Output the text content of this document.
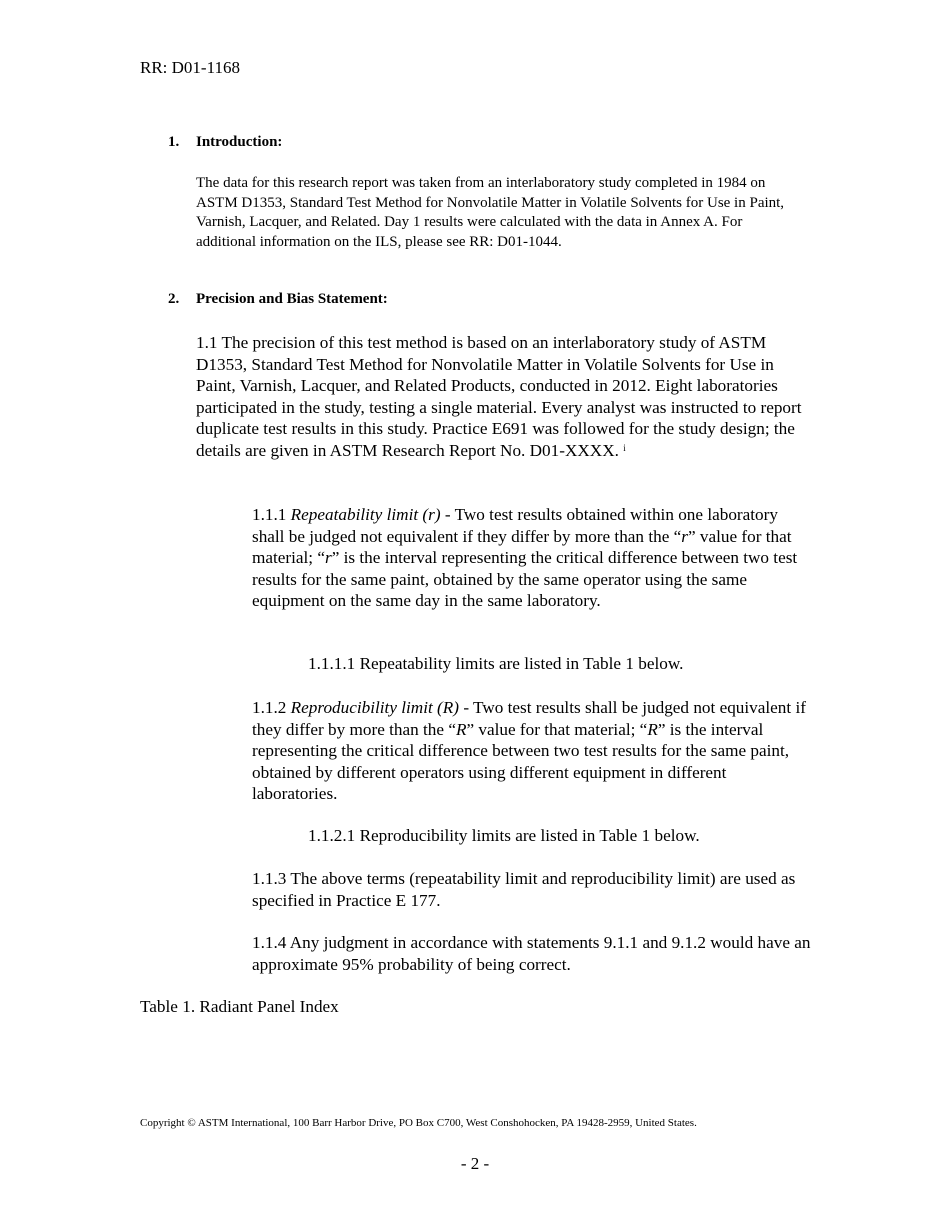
RR: D01-1168
1. Introduction:

The data for this research report was taken from an interlaboratory study completed in 1984 on ASTM D1353, Standard Test Method for Nonvolatile Matter in Volatile Solvents for Use in Paint, Varnish, Lacquer, and Related. Day 1 results were calculated with the data in Annex A. For additional information on the ILS, please see RR: D01-1044.

2. Precision and Bias Statement:

1.1 The precision of this test method is based on an interlaboratory study of ASTM D1353, Standard Test Method for Nonvolatile Matter in Volatile Solvents for Use in Paint, Varnish, Lacquer, and Related Products, conducted in 2012. Eight laboratories participated in the study, testing a single material. Every analyst was instructed to report duplicate test results in this study. Practice E691 was followed for the study design; the details are given in ASTM Research Report No. D01-XXXX. $^i$

1.1.1 Repeatability limit (r) - Two test results obtained within one laboratory shall be judged not equivalent if they differ by more than the “r” value for that material; “r” is the interval representing the critical difference between two test results for the same paint, obtained by the same operator using the same equipment on the same day in the same laboratory.

1.1.1.1 Repeatability limits are listed in Table 1 below.

1.1.2 Reproducibility limit (R) - Two test results shall be judged not equivalent if they differ by more than the “R” value for that material; “R” is the interval representing the critical difference between two test results for the same paint, obtained by different operators using different equipment in different laboratories.

1.1.2.1 Reproducibility limits are listed in Table 1 below.

1.1.3 The above terms (repeatability limit and reproducibility limit) are used as specified in Practice E 177.

1.1.4 Any judgment in accordance with statements 9.1.1 and 9.1.2 would have an approximate 95% probability of being correct.

Table 1. Radiant Panel Index
Copyright © ASTM International, 100 Barr Harbor Drive, PO Box C700, West Conshohocken, PA 19428-2959, United States.
- 2 -
